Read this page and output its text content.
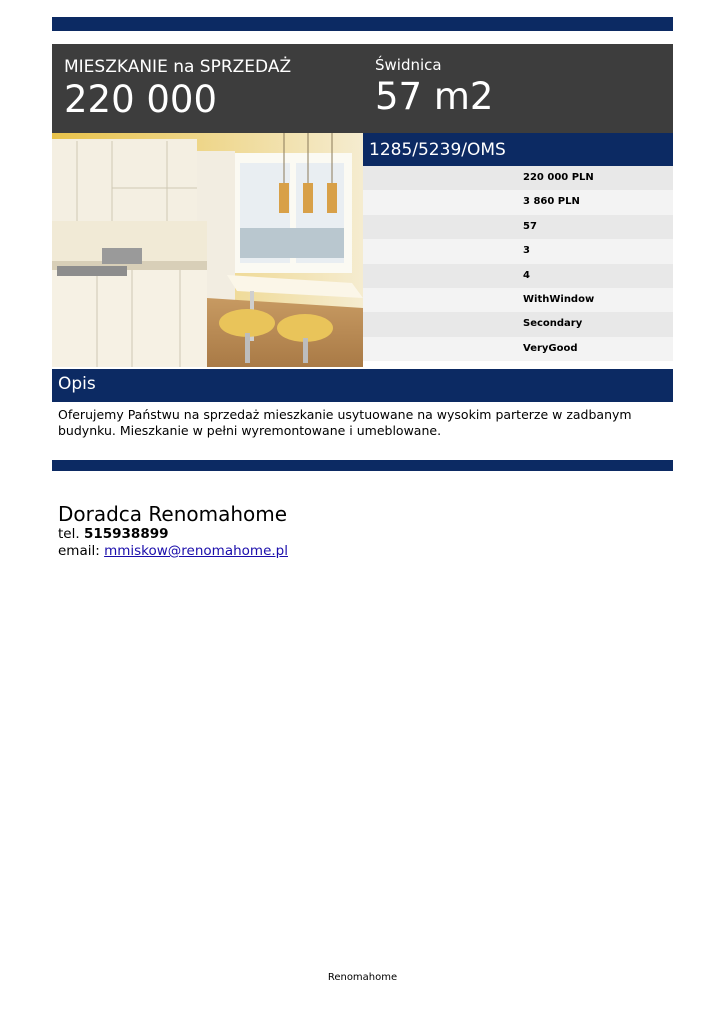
MIESZKANIE na SPRZEDAŻ
220 000
Świdnica
57 m2
1285/5239/OMS
220 000 PLN
3 860 PLN
57
3
4
WithWindow
Secondary
VeryGood
Opis
Oferujemy Państwu na sprzedaż mieszkanie usytuowane na wysokim parterze w zadbanym budynku. Mieszkanie w pełni wyremontowane i umeblowane.
Doradca Renomahome
tel. 515938899
email: mmiskow@renomahome.pl
Renomahome
